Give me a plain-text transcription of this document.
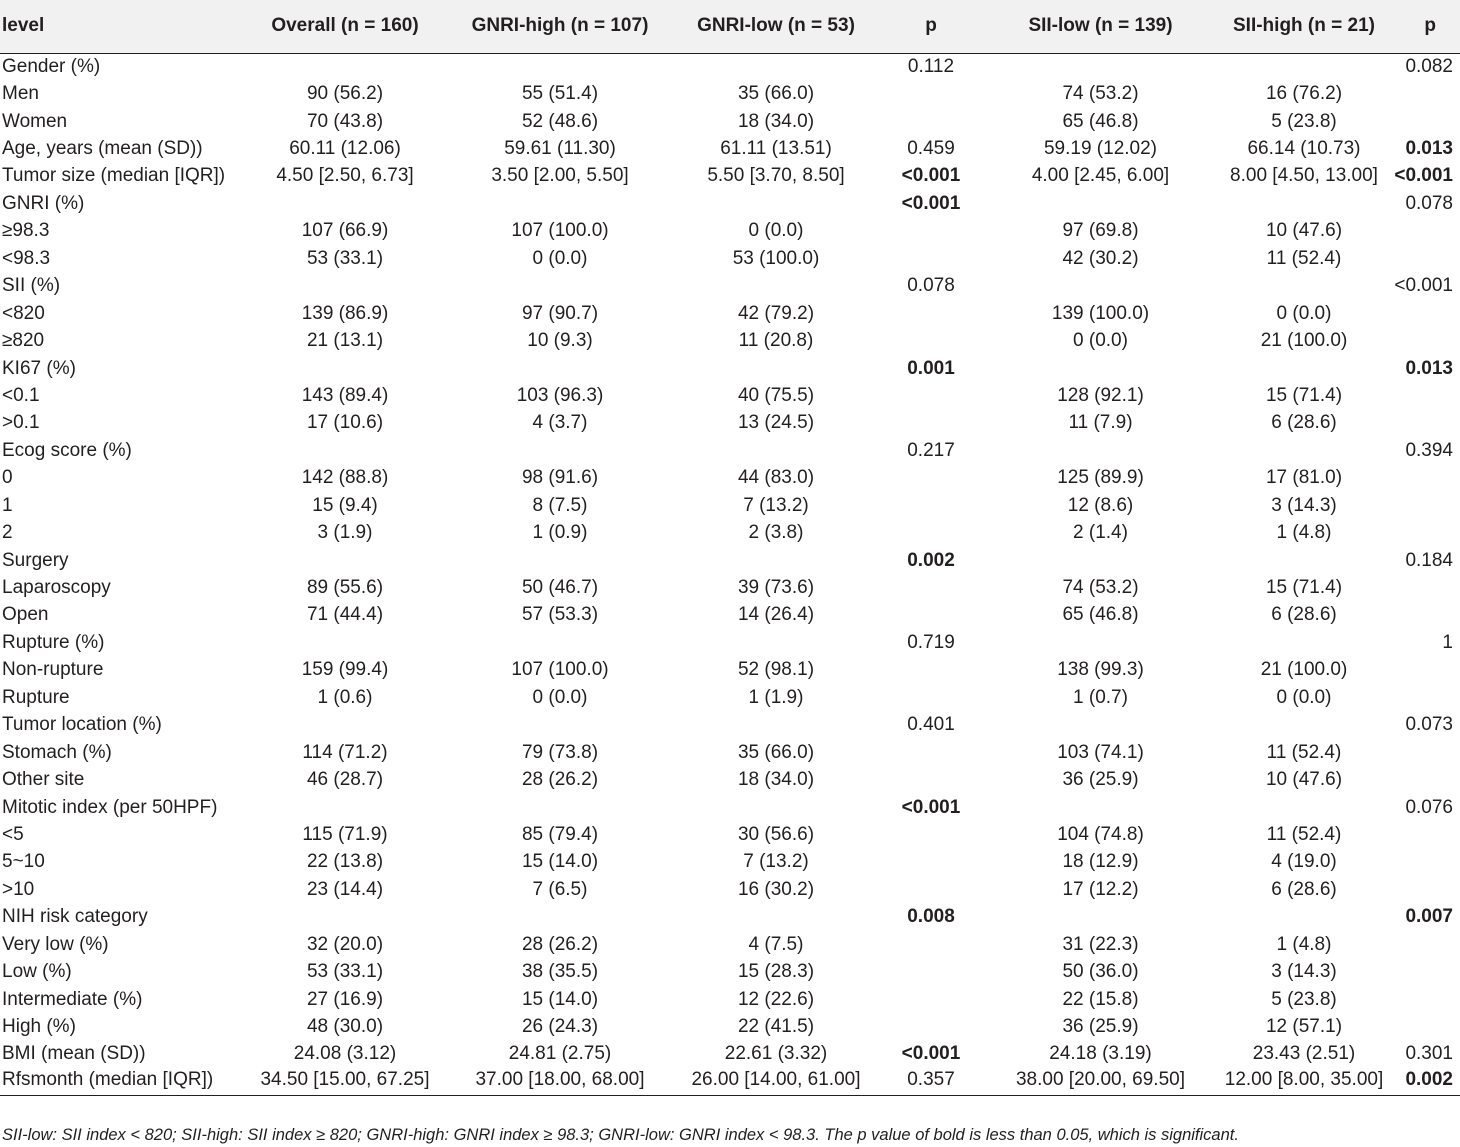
level	Overall (n = 160)	GNRI-high (n = 107)	GNRI-low (n = 53)	p	SII-low (n = 139)	SII-high (n = 21)	p
Gender (%)				0.112			0.082
Men	90 (56.2)	55 (51.4)	35 (66.0)		74 (53.2)	16 (76.2)	
Women	70 (43.8)	52 (48.6)	18 (34.0)		65 (46.8)	5 (23.8)	
Age, years (mean (SD))	60.11 (12.06)	59.61 (11.30)	61.11 (13.51)	0.459	59.19 (12.02)	66.14 (10.73)	0.013
Tumor size (median [IQR])	4.50 [2.50, 6.73]	3.50 [2.00, 5.50]	5.50 [3.70, 8.50]	<0.001	4.00 [2.45, 6.00]	8.00 [4.50, 13.00]	<0.001
GNRI (%)				<0.001			0.078
≥98.3	107 (66.9)	107 (100.0)	0 (0.0)		97 (69.8)	10 (47.6)	
<98.3	53 (33.1)	0 (0.0)	53 (100.0)		42 (30.2)	11 (52.4)	
SII (%)				0.078			<0.001
<820	139 (86.9)	97 (90.7)	42 (79.2)		139 (100.0)	0 (0.0)	
≥820	21 (13.1)	10 (9.3)	11 (20.8)		0 (0.0)	21 (100.0)	
KI67 (%)				0.001			0.013
<0.1	143 (89.4)	103 (96.3)	40 (75.5)		128 (92.1)	15 (71.4)	
>0.1	17 (10.6)	4 (3.7)	13 (24.5)		11 (7.9)	6 (28.6)	
Ecog score (%)				0.217			0.394
0	142 (88.8)	98 (91.6)	44 (83.0)		125 (89.9)	17 (81.0)	
1	15 (9.4)	8 (7.5)	7 (13.2)		12 (8.6)	3 (14.3)	
2	3 (1.9)	1 (0.9)	2 (3.8)		2 (1.4)	1 (4.8)	
Surgery				0.002			0.184
Laparoscopy	89 (55.6)	50 (46.7)	39 (73.6)		74 (53.2)	15 (71.4)	
Open	71 (44.4)	57 (53.3)	14 (26.4)		65 (46.8)	6 (28.6)	
Rupture (%)				0.719			1
Non-rupture	159 (99.4)	107 (100.0)	52 (98.1)		138 (99.3)	21 (100.0)	
Rupture	1 (0.6)	0 (0.0)	1 (1.9)		1 (0.7)	0 (0.0)	
Tumor location (%)				0.401			0.073
Stomach (%)	114 (71.2)	79 (73.8)	35 (66.0)		103 (74.1)	11 (52.4)	
Other site	46 (28.7)	28 (26.2)	18 (34.0)		36 (25.9)	10 (47.6)	
Mitotic index (per 50HPF)				<0.001			0.076
<5	115 (71.9)	85 (79.4)	30 (56.6)		104 (74.8)	11 (52.4)	
5~10	22 (13.8)	15 (14.0)	7 (13.2)		18 (12.9)	4 (19.0)	
>10	23 (14.4)	7 (6.5)	16 (30.2)		17 (12.2)	6 (28.6)	
NIH risk category				0.008			0.007
Very low (%)	32 (20.0)	28 (26.2)	4 (7.5)		31 (22.3)	1 (4.8)	
Low (%)	53 (33.1)	38 (35.5)	15 (28.3)		50 (36.0)	3 (14.3)	
Intermediate (%)	27 (16.9)	15 (14.0)	12 (22.6)		22 (15.8)	5 (23.8)	
High (%)	48 (30.0)	26 (24.3)	22 (41.5)		36 (25.9)	12 (57.1)	
BMI (mean (SD))	24.08 (3.12)	24.81 (2.75)	22.61 (3.32)	<0.001	24.18 (3.19)	23.43 (2.51)	0.301
Rfsmonth (median [IQR])	34.50 [15.00, 67.25]	37.00 [18.00, 68.00]	26.00 [14.00, 61.00]	0.357	38.00 [20.00, 69.50]	12.00 [8.00, 35.00]	0.002
SII-low: SII index < 820; SII-high: SII index ≥ 820; GNRI-high: GNRI index ≥ 98.3; GNRI-low: GNRI index < 98.3. The p value of bold is less than 0.05, which is significant.
